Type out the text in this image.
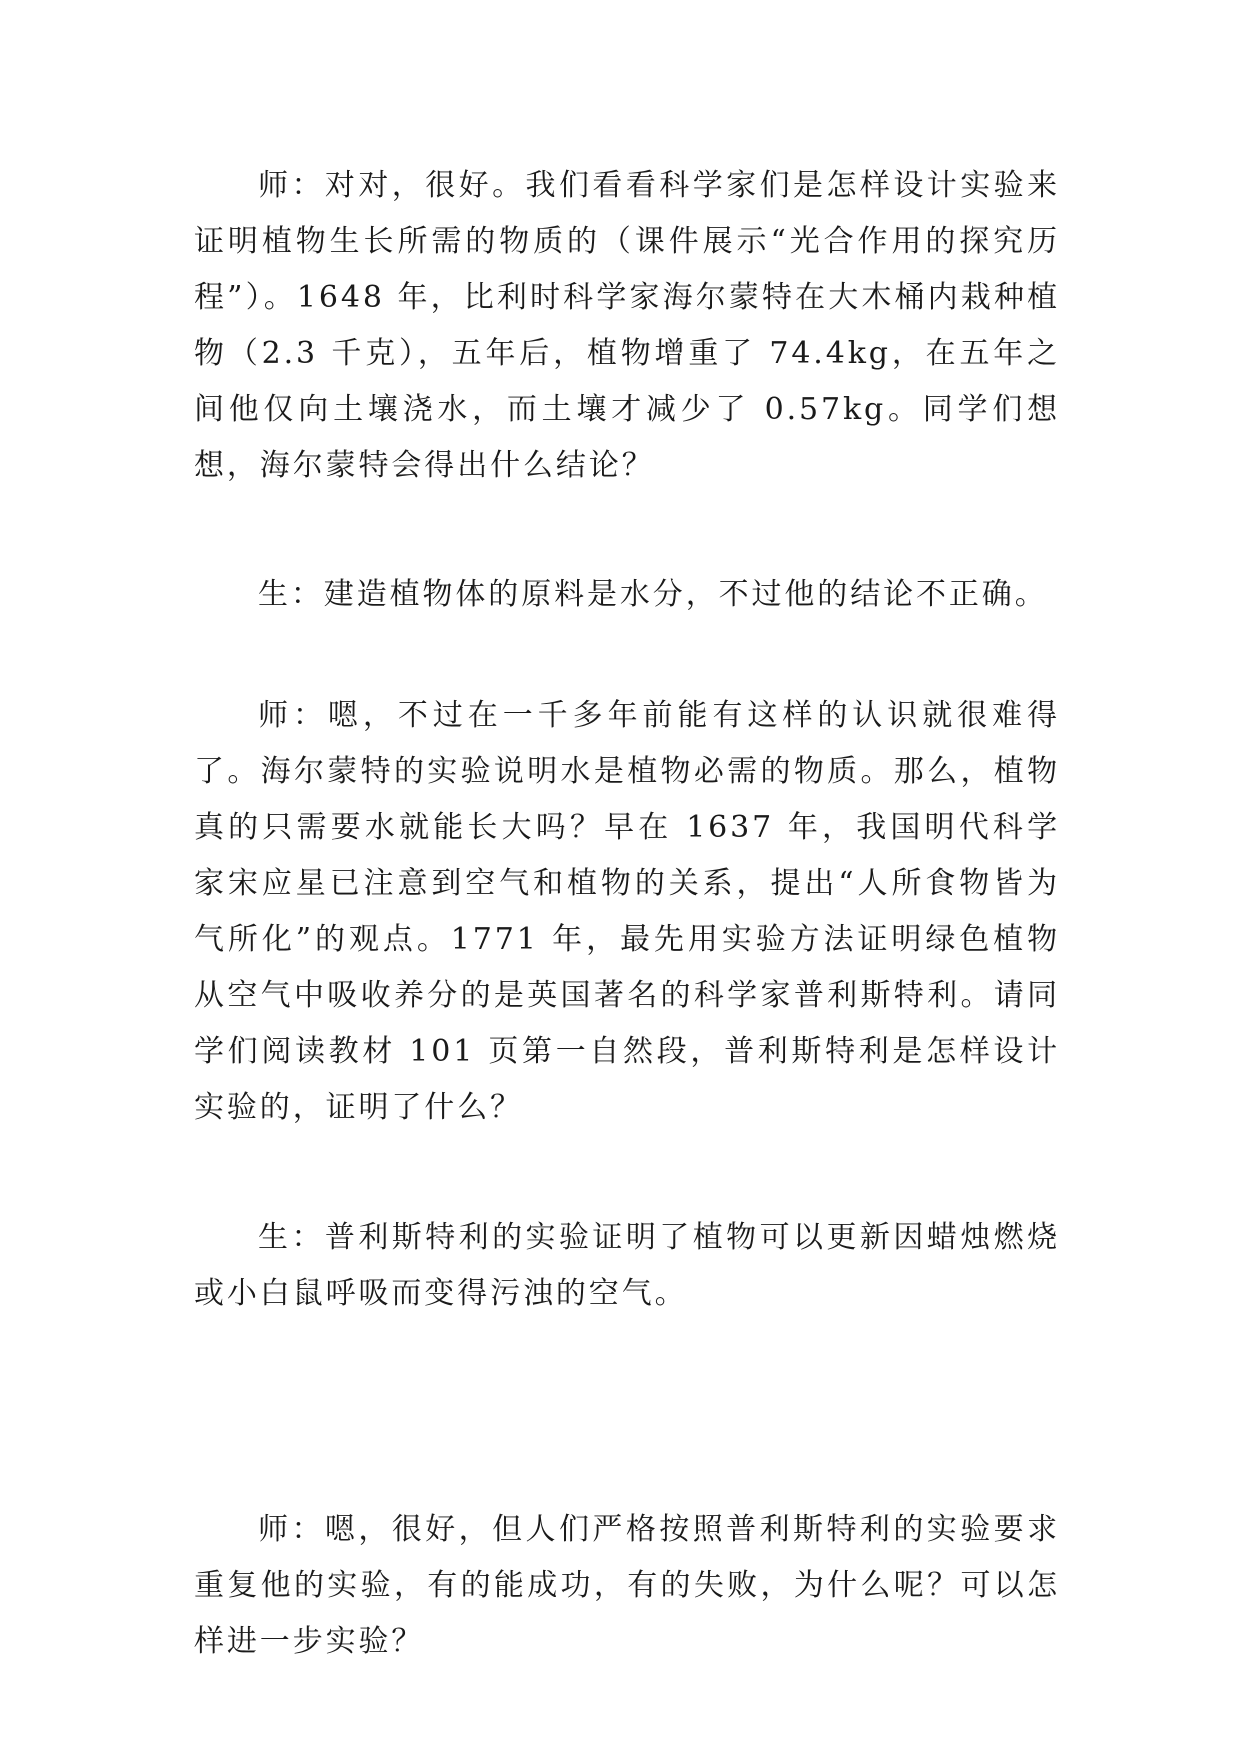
师：对对，很好。我们看看科学家们是怎样设计实验来证明植物生长所需的物质的（课件展示“光合作用的探究历程”）。1648 年，比利时科学家海尔蒙特在大木桶内栽种植物（2.3 千克），五年后，植物增重了 74.4kg，在五年之间他仅向土壤浇水，而土壤才减少了 0.57kg。同学们想想，海尔蒙特会得出什么结论？

生：建造植物体的原料是水分，不过他的结论不正确。

师：嗯，不过在一千多年前能有这样的认识就很难得了。海尔蒙特的实验说明水是植物必需的物质。那么，植物真的只需要水就能长大吗？早在 1637 年，我国明代科学家宋应星已注意到空气和植物的关系，提出“人所食物皆为气所化”的观点。1771 年，最先用实验方法证明绿色植物从空气中吸收养分的是英国著名的科学家普利斯特利。请同学们阅读教材 101 页第一自然段，普利斯特利是怎样设计实验的，证明了什么？

生：普利斯特利的实验证明了植物可以更新因蜡烛燃烧或小白鼠呼吸而变得污浊的空气。

师：嗯，很好，但人们严格按照普利斯特利的实验要求重复他的实验，有的能成功，有的失败，为什么呢？可以怎样进一步实验？
